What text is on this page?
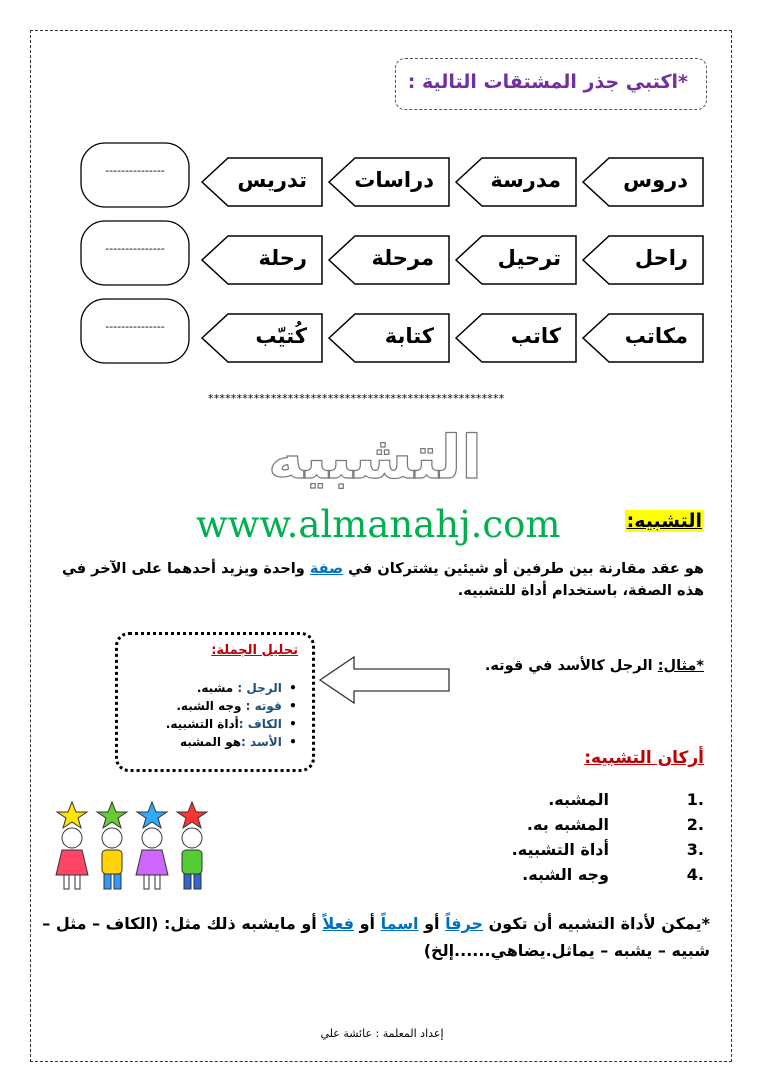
*اكتبي جذر المشتقات التالية :
دروس
مدرسة
دراسات
تدريس
---------------
راحل
ترحيل
مرحلة
رحلة
---------------
مكاتب
كاتب
كتابة
كُتيّب
---------------
****************************************************
التشبيه
www.almanahj.com	التشبيه:
هو عقد مقارنة بين طرفين أو شيئين يشتركان في صفة واحدة ويزيد أحدهما على الآخر في هذه الصفة، باستخدام أداة للتشبيه.
تحليل الجملة:
• الرجل : مشبه.
• قوته : وجه الشبه.
• الكاف :أداة التشبيه.
• الأسد :هو المشبه
*مثال: الرجل كالأسد في قوته.
أركان التشبيه:
1.
المشبه.
2.
المشبه به.
3.
أداة التشبيه.
4.
وجه الشبه.
*يمكن لأداة التشبيه أن تكون حرفاً أو اسماً أو فعلاً أو مايشبه ذلك مثل: (الكاف – مثل – شبيه – يشبه – يماثل.يضاهي......إلخ)
إعداد المعلمة : عائشة علي
